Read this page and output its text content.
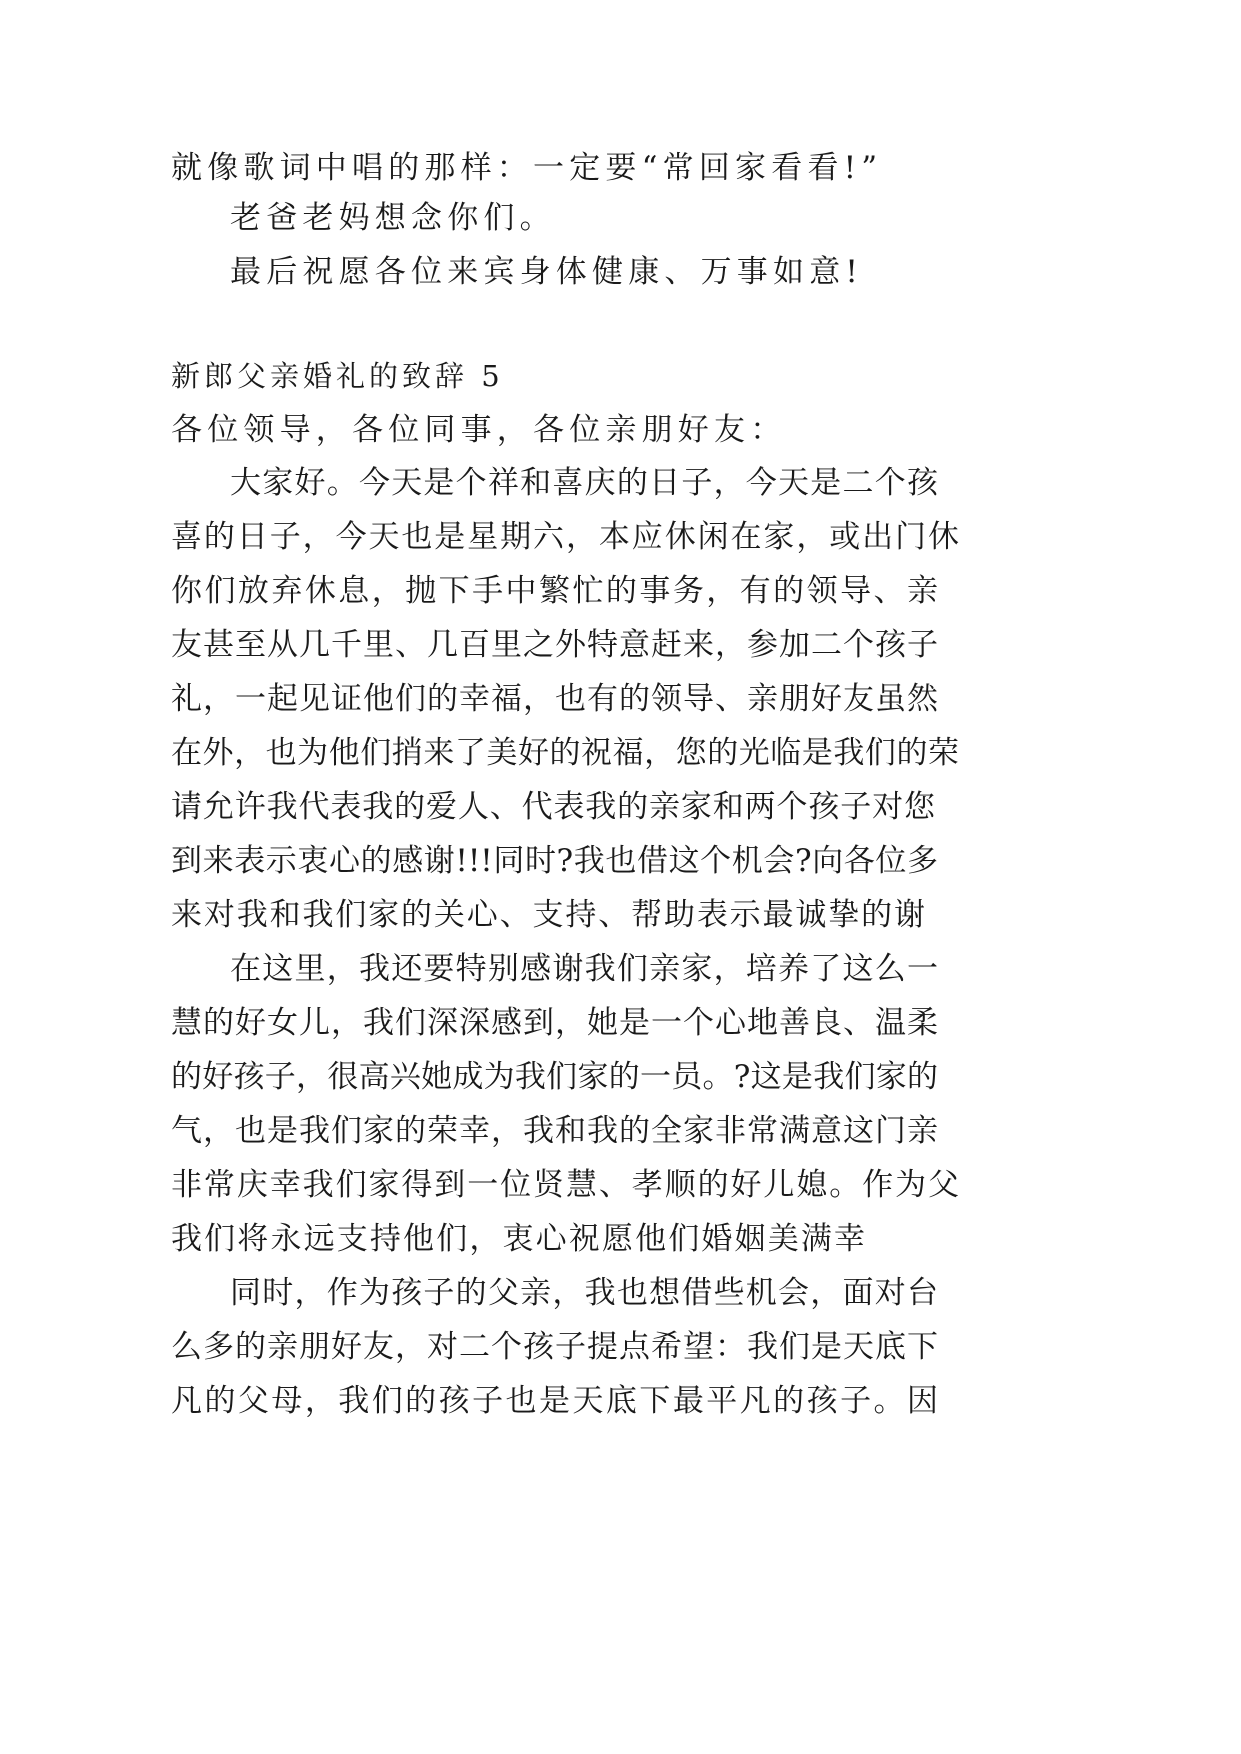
就像歌词中唱的那样：一定要“常回家看看!”
老爸老妈想念你们。
最后祝愿各位来宾身体健康、万事如意!
新郎父亲婚礼的致辞 5
各位领导，各位同事，各位亲朋好友：
大家好。今天是个祥和喜庆的日子，今天是二个孩
喜的日子，今天也是星期六，本应休闲在家，或出门休
你们放弃休息，抛下手中繁忙的事务，有的领导、亲
友甚至从几千里、几百里之外特意赶来，参加二个孩子
礼，一起见证他们的幸福，也有的领导、亲朋好友虽然
在外，也为他们捎来了美好的祝福，您的光临是我们的荣
请允许我代表我的爱人、代表我的亲家和两个孩子对您
到来表示衷心的感谢!!!同时?我也借这个机会?向各位多
来对我和我们家的关心、支持、帮助表示最诚挚的谢
在这里，我还要特别感谢我们亲家，培养了这么一
慧的好女儿，我们深深感到，她是一个心地善良、温柔
的好孩子，很高兴她成为我们家的一员。?这是我们家的
气，也是我们家的荣幸，我和我的全家非常满意这门亲
非常庆幸我们家得到一位贤慧、孝顺的好儿媳。作为父
我们将永远支持他们，衷心祝愿他们婚姻美满幸
同时，作为孩子的父亲，我也想借些机会，面对台
么多的亲朋好友，对二个孩子提点希望：我们是天底下
凡的父母，我们的孩子也是天底下最平凡的孩子。因
